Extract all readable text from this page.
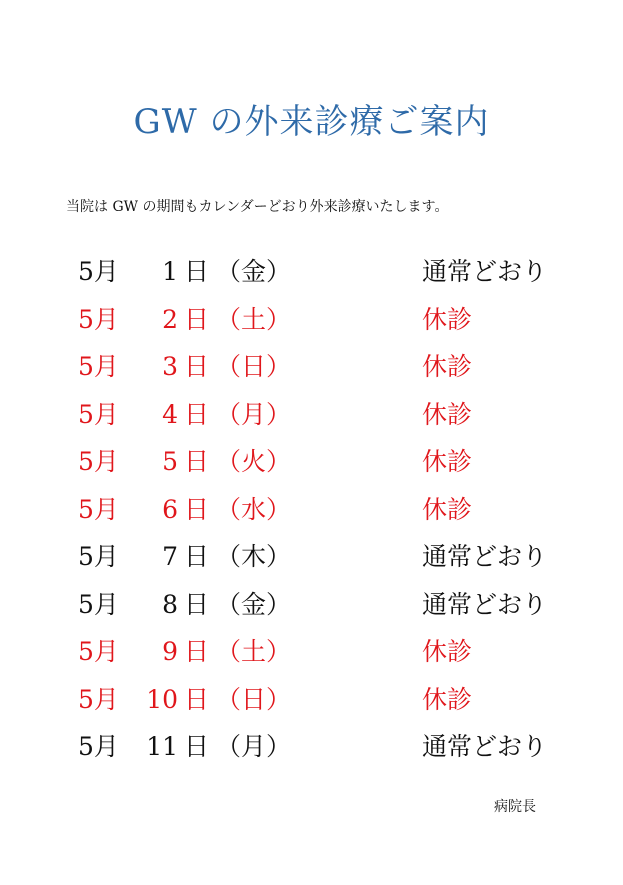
GW の外来診療ご案内
当院は GW の期間もカレンダーどおり外来診療いたします。
5月	1 日 （金）	通常どおり
5月	2 日 （土）	休診
5月	3 日 （日）	休診
5月	4 日 （月）	休診
5月	5 日 （火）	休診
5月	6 日 （水）	休診
5月	7 日 （木）	通常どおり
5月	8 日 （金）	通常どおり
5月	9 日 （土）	休診
5月	10 日 （日）	休診
5月	11 日 （月）	通常どおり
病院長
